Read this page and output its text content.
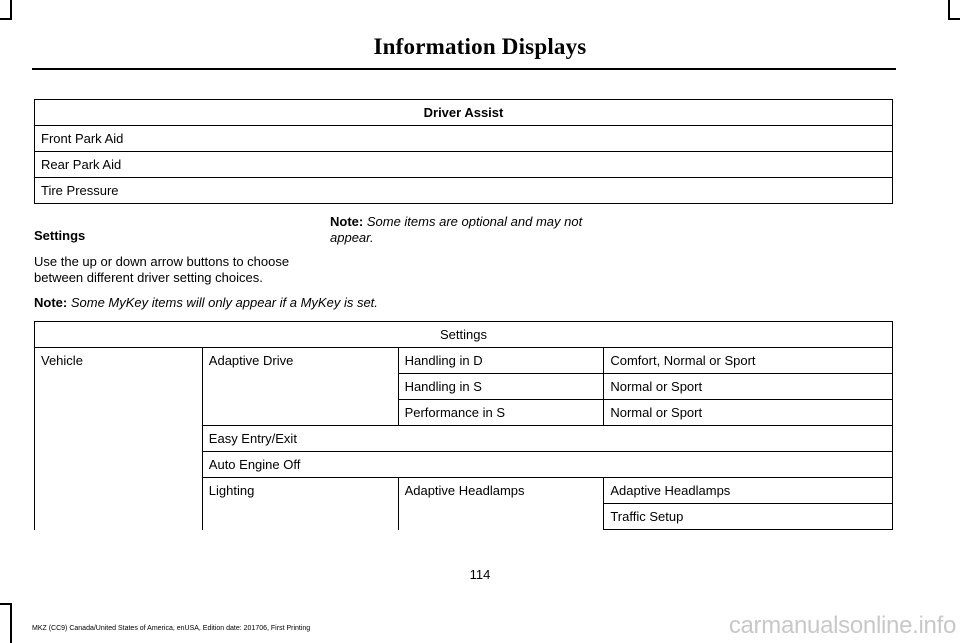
Information Displays
Driver Assist
Front Park Aid
Rear Park Aid
Tire Pressure

Settings

Use the up or down arrow buttons to choose between different driver setting choices.

Note: Some items are optional and may not appear.
Note: Some MyKey items will only appear if a MyKey is set.
Settings			
Vehicle	Adaptive Drive	Handling in D	Comfort, Normal or Sport
		Handling in S	Normal or Sport
		Performance in S	Normal or Sport
	Easy Entry/Exit		
	Auto Engine Off		
	Lighting	Adaptive Headlamps	Adaptive Headlamps
			Traffic Setup
114
MKZ (CC9) Canada/United States of America, enUSA, Edition date: 201706, First Printing	carmanualsonline.info
